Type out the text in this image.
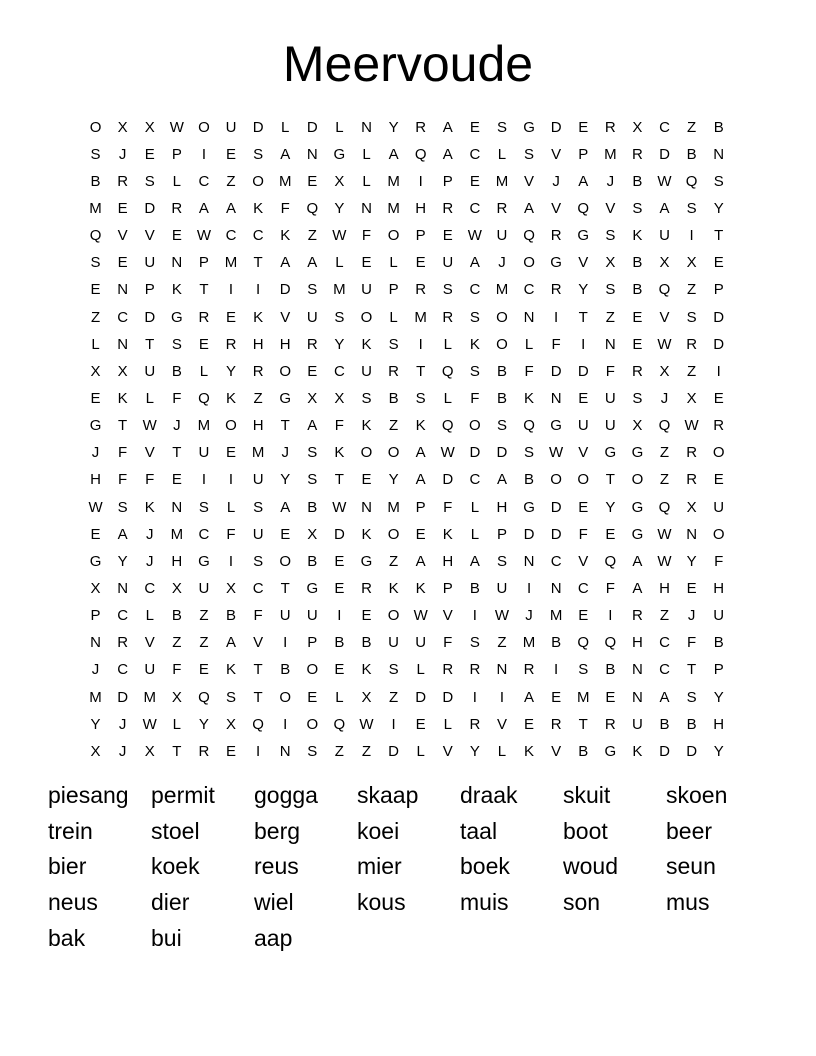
Meervoude
O	X	X	W O	U	D	L	D	L	N	Y	R	A	E	S	G	D	E	R	X	C	Z	B
S	J	E	P	I	E	S	A	N	G	L	A	Q	A	C	L	S	V	P	M	R	D	B	N
B	R	S	L	C	Z	O	M	E	X	L	M	I	P	E	M	V	J	A	J	B	W Q	S
M	E	D	R	A	A	K	F	Q	Y	N	M	H	R	C	R	A	V	Q	V	S	A	S	Y
Q	V	V	E	W C	C	K	Z	W	F	O	P	E	W U	Q	R	G	S	K	U	I	T
S	E	U	N	P	M	T	A	A	L	E	L	E	U	A	J	O	G	V	X	B	X	X	E
E	N	P	K	T	I	I	D	S	M	U	P	R	S	C	M	C	R	Y	S	B	Q	Z	P
Z	C	D	G	R	E	K	V	U	S	O	L	M	R	S	O	N	I	T	Z	E	V	S	D
L	N	T	S	E	R	H	H	R	Y	K	S	I	L	K	O	L	F	I	N	E	W R	D
X	X	U	B	L	Y	R	O	E	C	U	R	T	Q	S	B	F	D	D	F	R	X	Z	I
E	K	L	F	Q	K	Z	G	X	X	S	B	S	L	F	B	K	N	E	U	S	J	X	E
G	T	W	J	M	O	H	T	A	F	K	Z	K	Q	O	S	Q	G	U	U	X	Q W R
J	F	V	T	U	E	M	J	S	K	O	O	A	W D	D	S	W	V	G	G	Z	R	O
H	F	F	E	I	I	U	Y	S	T	E	Y	A	D	C	A	B	O	O	T	O	Z	R	E
W	S	K	N	S	L	S	A	B	W N	M	P	F	L	H	G	D	E	Y	G	Q	X	U
E	A	J	M	C	F	U	E	X	D	K	O	E	K	L	P	D	D	F	E	G W N	O
G	Y	J	H	G	I	S	O	B	E	G	Z	A	H	A	S	N	C	V	Q	A	W	Y	F
X	N	C	X	U	X	C	T	G	E	R	K	K	P	B	U	I	N	C	F	A	H	E	H
P	C	L	B	Z	B	F	U	U	I	E	O W	V	I	W	J	M	E	I	R	Z	J	U
N	R	V	Z	Z	A	V	I	P	B	B	U	U	F	S	Z	M	B	Q	Q	H	C	F	B
J	C	U	F	E	K	T	B	O	E	K	S	L	R	R	N	R	I	S	B	N	C	T	P
M	D	M	X	Q	S	T	O	E	L	X	Z	D	D	I	I	A	E	M	E	N	A	S	Y
Y	J	W	L	Y	X	Q	I	O	Q W	I	E	L	R	V	E	R	T	R	U	B	B	H
X	J	X	T	R	E	I	N	S	Z	Z	D	L	V	Y	L	K	V	B	G	K	D	D	Y
piesang permit	gogga	skaap	draak	skuit	skoen
trein	stoel	berg	koei	taal	boot	beer
bier	koek	reus	mier	boek	woud	seun
neus	dier	wiel	kous	muis	son	mus
bak	bui	aap
